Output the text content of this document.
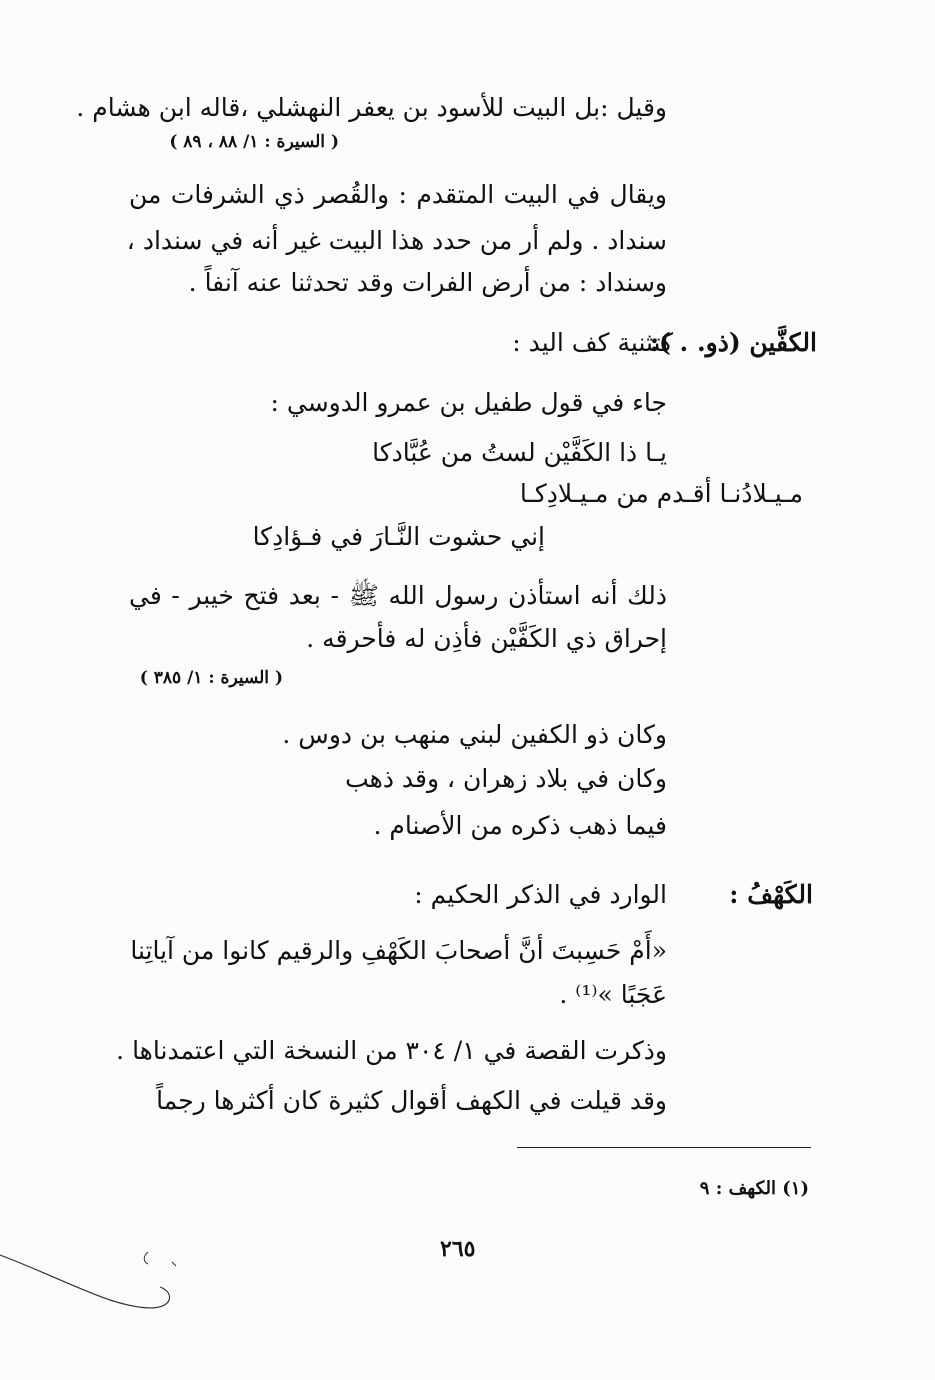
وقيل :بل البيت للأسود بن يعفر النهشلي ،قاله ابن هشام .
( السيرة : ١/ ٨٨ ، ٨٩ )
ويقال في البيت المتقدم : والقُصر ذي الشرفات من
سنداد . ولم أر من حدد هذا البيت غير أنه في سنداد ،
وسنداد : من أرض الفرات وقد تحدثنا عنه آنفاً .
الكفَّين (ذو. . ):
كتثنية كف اليد :
جاء في قول طفيل بن عمرو الدوسي :
يـا ذا الكَفَّيْن لستُ من عُبَّادكا
مـيـلادُنـا أقـدم من مـيـلادِكـا
إني حشوت النَّـارَ في فـؤادِكا
ذلك أنه استأذن رسول الله ﷺ - بعد فتح خيبر - في
إحراق ذي الكَفَّيْن فأذِن له فأحرقه .
( السيرة : ١/ ٣٨٥ )
وكان ذو الكفين لبني منهب بن دوس .
وكان في بلاد زهران ، وقد ذهب
فيما ذهب ذكره من الأصنام .
الكَهْفُ :
الوارد في الذكر الحكيم :
«أَمْ حَسِبتَ أنَّ أصحابَ الكَهْفِ والرقيم كانوا من آياتِنا
عَجَبًا »⁽¹⁾ .
وذكرت القصة في ١/ ٣٠٤ من النسخة التي اعتمدناها .
وقد قيلت في الكهف أقوال كثيرة كان أكثرها رجماً
(١) الكهف : ٩
٢٦٥
